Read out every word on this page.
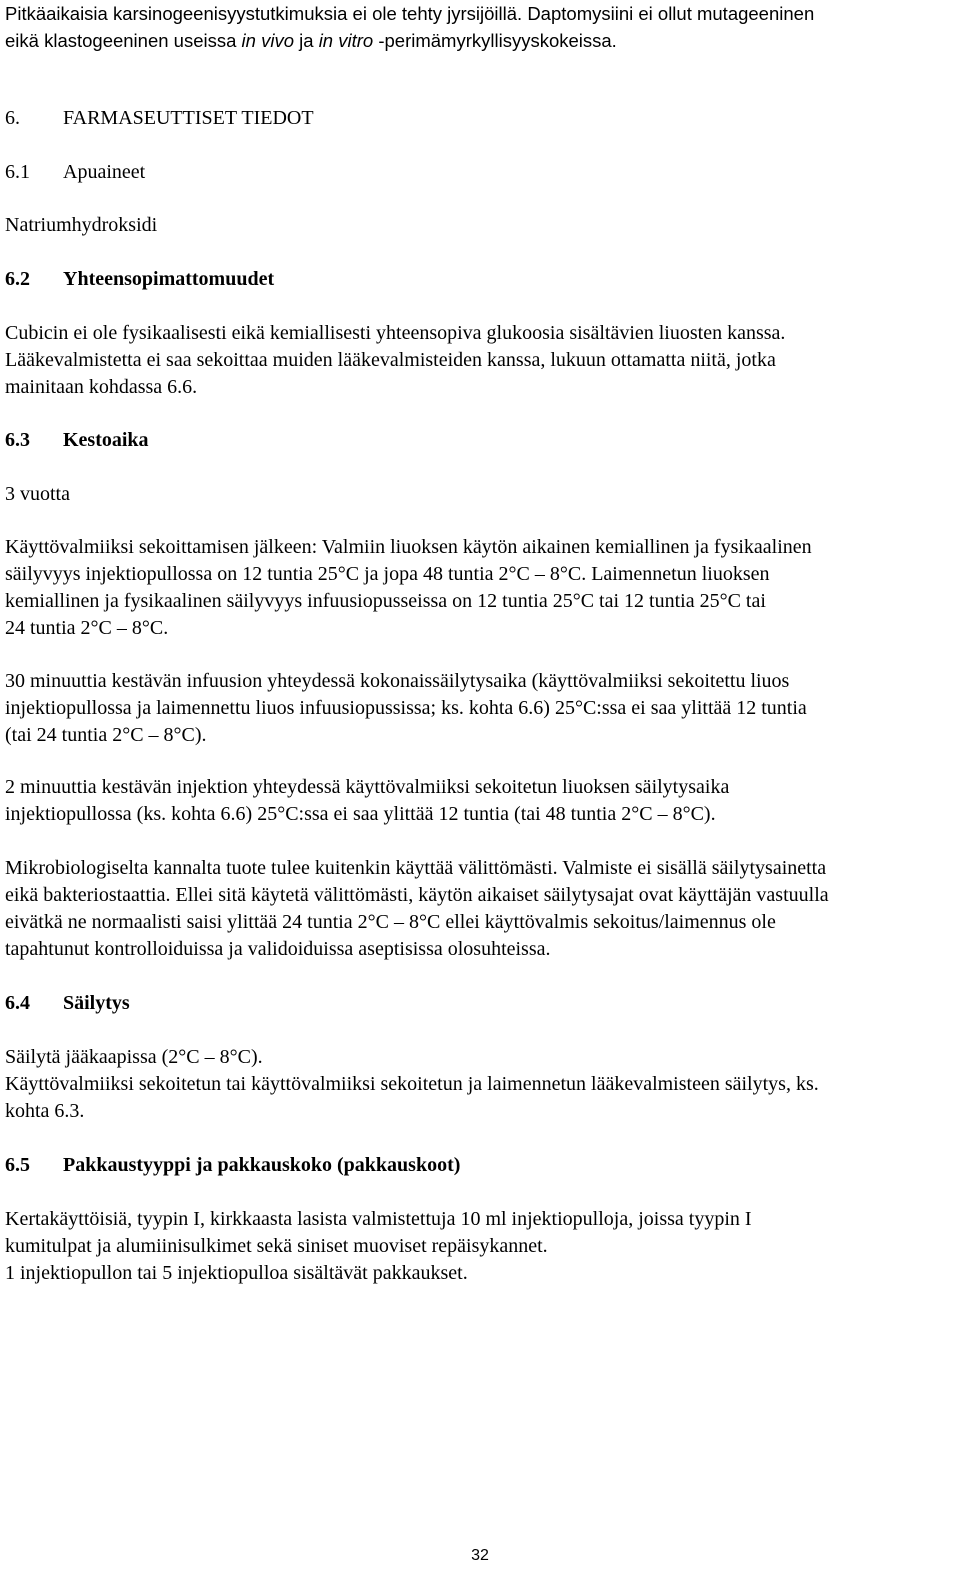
Pitkäaikaisia karsinogeenisyystutkimuksia ei ole tehty jyrsijöillä. Daptomysiini ei ollut mutageeninen
eikä klastogeeninen useissa in vivo ja in vitro -perimämyrkyllisyyskokeissa.
6. FARMASEUTTISET TIEDOT
6.1 Apuaineet
Natriumhydroksidi
6.2 Yhteensopimattomuudet
Cubicin ei ole fysikaalisesti eikä kemiallisesti yhteensopiva glukoosia sisältävien liuosten kanssa.
Lääkevalmistetta ei saa sekoittaa muiden lääkevalmisteiden kanssa, lukuun ottamatta niitä, jotka
mainitaan kohdassa 6.6.
6.3 Kestoaika
3 vuotta
Käyttövalmiiksi sekoittamisen jälkeen: Valmiin liuoksen käytön aikainen kemiallinen ja fysikaalinen
säilyvyys injektiopullossa on 12 tuntia 25°C ja jopa 48 tuntia 2°C – 8°C. Laimennetun liuoksen
kemiallinen ja fysikaalinen säilyvyys infuusiopusseissa on 12 tuntia 25°C tai 12 tuntia 25°C tai
24 tuntia 2°C – 8°C.
30 minuuttia kestävän infuusion yhteydessä kokonaissäilytysaika (käyttövalmiiksi sekoitettu liuos
injektiopullossa ja laimennettu liuos infuusiopussissa; ks. kohta 6.6) 25°C:ssa ei saa ylittää 12 tuntia
(tai 24 tuntia 2°C – 8°C).
2 minuuttia kestävän injektion yhteydessä käyttövalmiiksi sekoitetun liuoksen säilytysaika
injektiopullossa (ks. kohta 6.6) 25°C:ssa ei saa ylittää 12 tuntia (tai 48 tuntia 2°C – 8°C).
Mikrobiologiselta kannalta tuote tulee kuitenkin käyttää välittömästi. Valmiste ei sisällä säilytysainetta
eikä bakteriostaattia. Ellei sitä käytetä välittömästi, käytön aikaiset säilytysajat ovat käyttäjän vastuulla
eivätkä ne normaalisti saisi ylittää 24 tuntia 2°C – 8°C ellei käyttövalmis sekoitus/laimennus ole
tapahtunut kontrolloiduissa ja validoiduissa aseptisissa olosuhteissa.
6.4 Säilytys
Säilytä jääkaapissa (2°C – 8°C).
Käyttövalmiiksi sekoitetun tai käyttövalmiiksi sekoitetun ja laimennetun lääkevalmisteen säilytys, ks.
kohta 6.3.
6.5 Pakkaustyyppi ja pakkauskoko (pakkauskoot)
Kertakäyttöisiä, tyypin I, kirkkaasta lasista valmistettuja 10 ml injektiopulloja, joissa tyypin I
kumitulpat ja alumiinisulkimet sekä siniset muoviset repäisykannet.
1 injektiopullon tai 5 injektiopulloa sisältävät pakkaukset.
32
